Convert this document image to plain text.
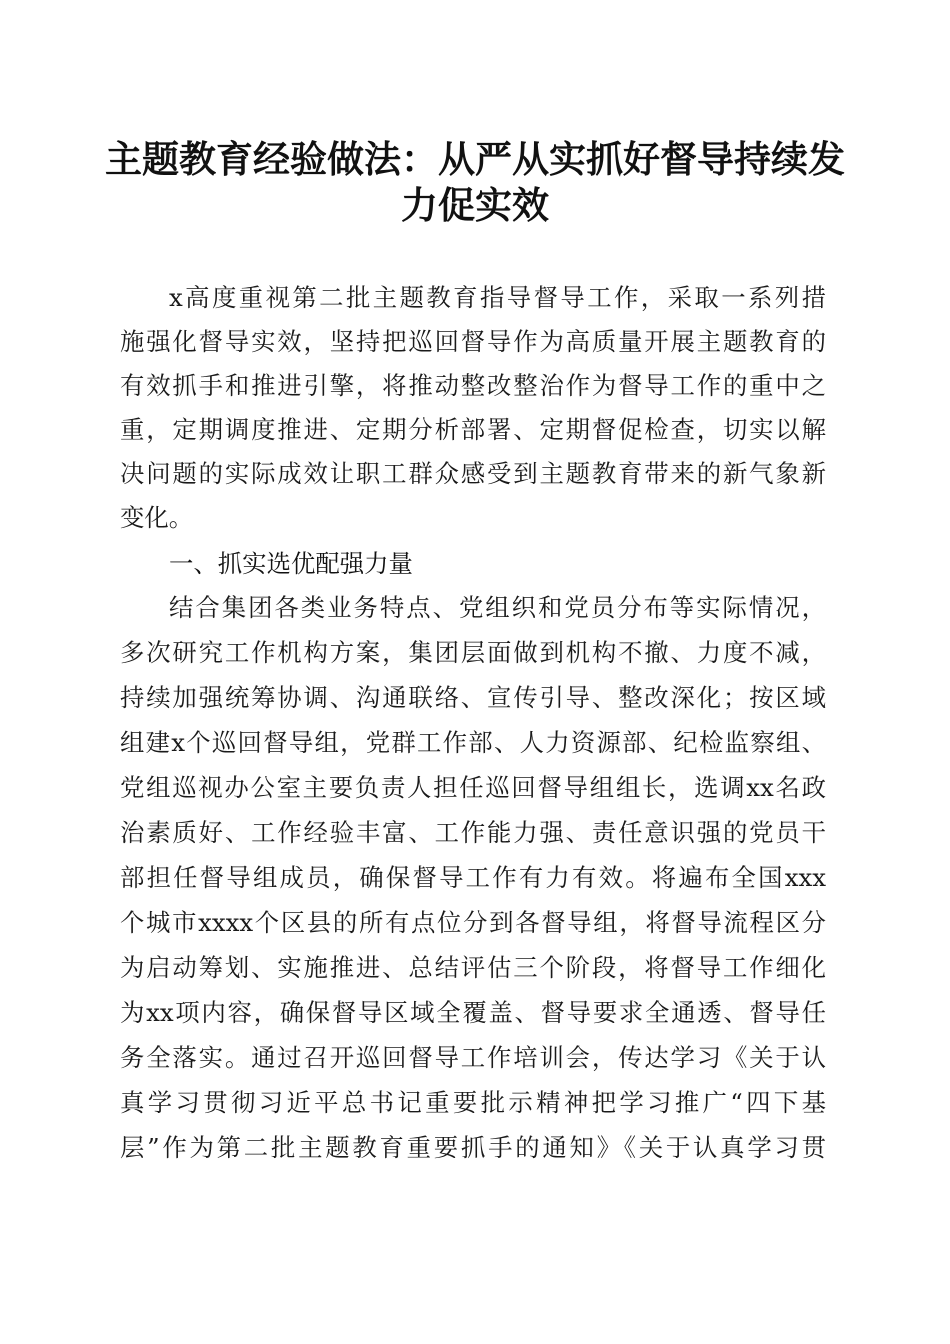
主题教育经验做法：从严从实抓好督导持续发
力促实效
x高度重视第二批主题教育指导督导工作，采取一系列措
施强化督导实效，坚持把巡回督导作为高质量开展主题教育的
有效抓手和推进引擎，将推动整改整治作为督导工作的重中之
重，定期调度推进、定期分析部署、定期督促检查，切实以解
决问题的实际成效让职工群众感受到主题教育带来的新气象新
变化。
一、抓实选优配强力量
结合集团各类业务特点、党组织和党员分布等实际情况，
多次研究工作机构方案，集团层面做到机构不撤、力度不减，
持续加强统筹协调、沟通联络、宣传引导、整改深化；按区域
组建x个巡回督导组，党群工作部、人力资源部、纪检监察组、
党组巡视办公室主要负责人担任巡回督导组组长，选调xx名政
治素质好、工作经验丰富、工作能力强、责任意识强的党员干
部担任督导组成员，确保督导工作有力有效。将遍布全国xxx
个城市xxxx个区县的所有点位分到各督导组，将督导流程区分
为启动筹划、实施推进、总结评估三个阶段，将督导工作细化
为xx项内容，确保督导区域全覆盖、督导要求全通透、督导任
务全落实。通过召开巡回督导工作培训会，传达学习《关于认
真学习贯彻习近平总书记重要批示精神把学习推广“四下基
层”作为第二批主题教育重要抓手的通知》《关于认真学习贯
